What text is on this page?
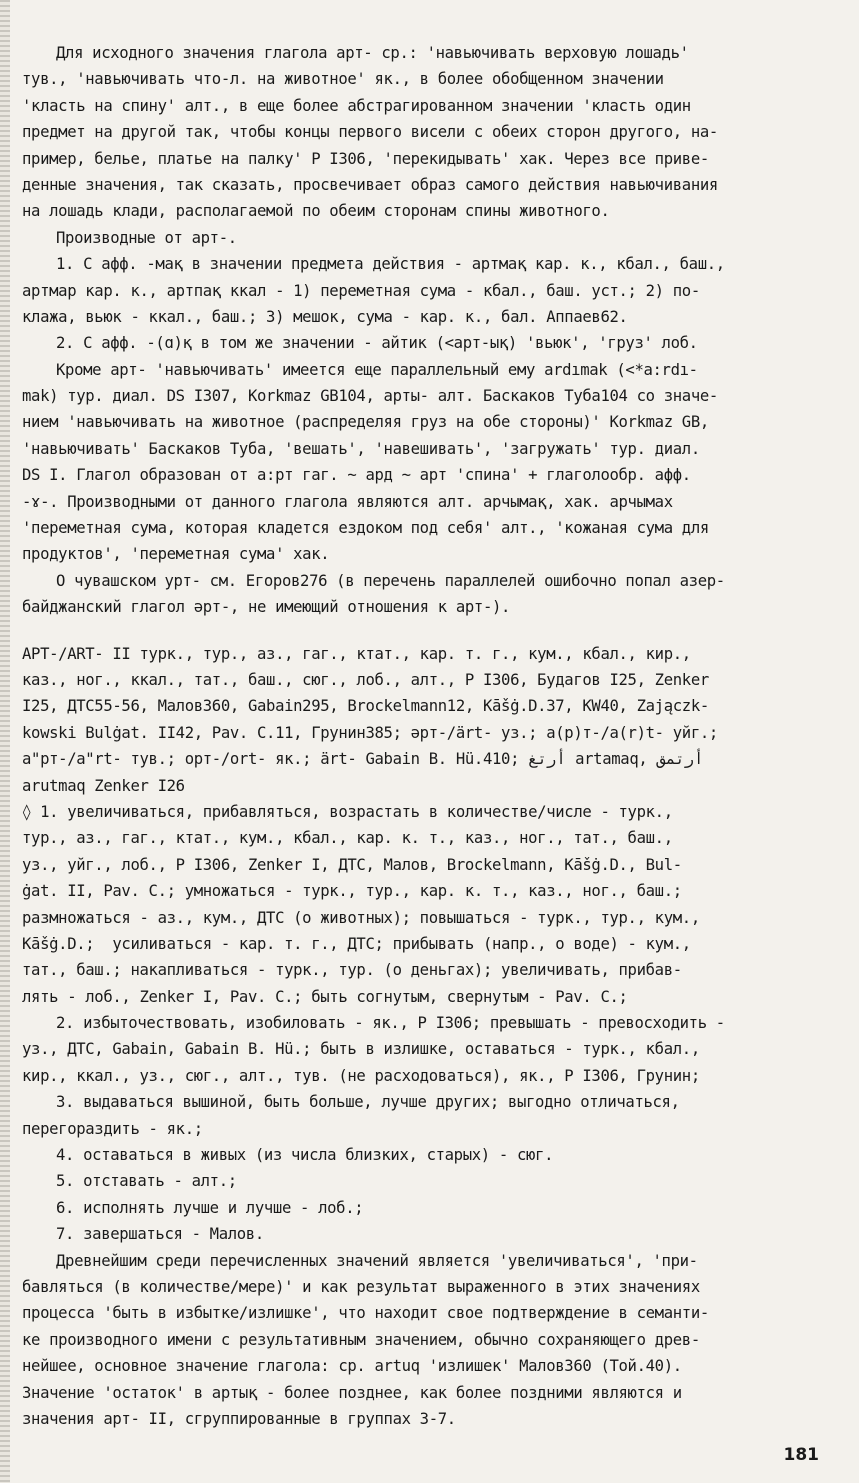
Для исходного значения глагола арт- ср.: 'навьючивать верховую лошадь'
тув., 'навьючивать что-л. на животное' як., в более обобщенном значении
'класть на спину' алт., в еще более абстрагированном значении 'класть один
предмет на другой так, чтобы концы первого висели с обеих сторон другого, на-
пример, белье, платье на палку' Р I306, 'перекидывать' хак. Через все приве-
денные значения, так сказать, просвечивает образ самого действия навьючивания
на лошадь клади, располагаемой по обеим сторонам спины животного.
Производные от арт-.
1. С афф. -мақ в значении предмета действия - артмақ кар. к., кбал., баш.,
артмар кар. к., артпақ ккал - 1) переметная сума - кбал., баш. уст.; 2) по-
клажа, вьюк - ккал., баш.; 3) мешок, сума - кар. к., бал. Аппаев62.
2. С афф. -(ɑ)қ в том же значении - айтик (<арт-ық) 'вьюк', 'груз' лоб.
Кроме арт- 'навьючивать' имеется еще параллельный ему ardımak (<*a:rdı-
mak) тур. диал. DS I307, Korkmaz GB104, арты- алт. Баскаков Туба104 со значе-
нием 'навьючивать на животное (распределяя груз на обе стороны)' Korkmaz GB,
'навьючивать' Баскаков Туба, 'вешать', 'навешивать', 'загружать' тур. диал.
DS I. Глагол образован от а:рт гаг. ~ ард ~ арт 'спина' + глаголообр. афф.
-ɤ-. Производными от данного глагола являются алт. арчымақ, хак. арчымах
'переметная сума, которая кладется ездоком под себя' алт., 'кожаная сума для
продуктов', 'переметная сума' хак.
О чувашском урт- см. Егоров276 (в перечень параллелей ошибочно попал азер-
байджанский глагол әрт-, не имеющий отношения к арт-).
АРТ-/АRT- II турк., тур., аз., гаг., ктат., кар. т. г., кум., кбал., кир.,
каз., ног., ккал., тат., баш., сюг., лоб., алт., Р I306, Будагов I25, Zenker
I25, ДТС55-56, Малов360, Gabain295, Brockelmann12, Kāšġ.D.37, KW40, Zajączk-
kowski Bulġat. II42, Pav. C.11, Грунин385; әрт-/ärt- уз.; а(р)т-/а(r)t- уйг.;
а"рт-/а"rt- тув.; орт-/ort- як.; ärt- Gabain В. Hü.410; أرتغ artamaq, أرتمق
arutmaq Zenker I26
◊ 1. увеличиваться, прибавляться, возрастать в количестве/числе - турк.,
тур., аз., гаг., ктат., кум., кбал., кар. к. т., каз., ног., тат., баш.,
уз., уйг., лоб., Р I306, Zenker I, ДТС, Малов, Brockelmann, Kāšġ.D., Bul-
ġat. II, Pav. C.; умножаться - турк., тур., кар. к. т., каз., ног., баш.;
размножаться - аз., кум., ДТС (о животных); повышаться - турк., тур., кум.,
Kāšġ.D.;  усиливаться - кар. т. г., ДТС; прибывать (напр., о воде) - кум.,
тат., баш.; накапливаться - турк., тур. (о деньгах); увеличивать, прибав-
лять - лоб., Zenker I, Pav. C.; быть согнутым, свернутым - Pav. C.;
2. избыточествовать, изобиловать - як., Р I306; превышать - превосходить -
уз., ДТС, Gabain, Gabain В. Hü.; быть в излишке, оставаться - турк., кбал.,
кир., ккал., уз., сюг., алт., тув. (не расходоваться), як., Р I306, Грунин;
3. выдаваться вышиной, быть больше, лучше других; выгодно отличаться,
перегораздить - як.;
4. оставаться в живых (из числа близких, старых) - сюг.
5. отставать - алт.;
6. исполнять лучше и лучше - лоб.;
7. завершаться - Малов.
Древнейшим среди перечисленных значений является 'увеличиваться', 'при-
бавляться (в количестве/мере)' и как результат выраженного в этих значениях
процесса 'быть в избытке/излишке', что находит свое подтверждение в семанти-
ке производного имени с результативным значением, обычно сохраняющего древ-
нейшее, основное значение глагола: ср. artuq 'излишек' Малов360 (Той.40).
Значение 'остаток' в артық - более позднее, как более поздними являются и
значения арт- II, сгруппированные в группах 3-7.
181
